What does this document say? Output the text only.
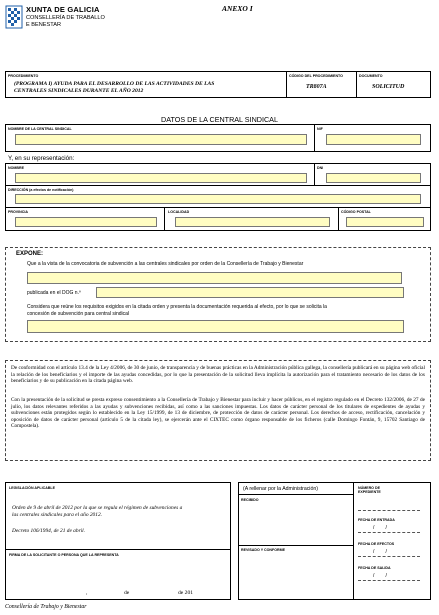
XUNTA DE GALICIA
CONSELLERÍA DE TRABALLO
E BENESTAR
ANEXO I
PROCEDIMIENTO
(PROGRAMA I) AYUDA PARA EL DESARROLLO DE LAS ACTIVIDADES DE LAS
CENTRALES SINDICALES DURANTE EL AÑO 2012
CÓDIGO DEL PROCEDIMIENTO
TR807A
DOCUMENTO
SOLICITUD
DATOS DE LA CENTRAL SINDICAL
NOMBRE DE LA CENTRAL SINDICAL	NIF
Y, en su representación:
NOMBRE	DNI
DIRECCIÓN (a efectos de notificación)
PROVINCIA	LOCALIDAD	CÓDIGO POSTAL
EXPONE:
Que a la vista de la convocatoria de subvención a las centrales sindicales por orden de la Consellería de Trabajo y Bienestar
publicada en el DOG n.º
Considera que reúne los requisitos exigidos en la citada orden y presenta la documentación requerida al efecto, por lo que se solicita la
concesión de subvención para central sindical
De conformidad con el artículo 13.4 de la Ley 4/2006, de 30 de junio, de transparencia y de buenas prácticas en la Administración pública gallega, la consellería publicará en su página web oficial la relación de los beneficiarios y el importe de las ayudas concedidas, por lo que la presentación de la solicitud lleva implícita la autorización para el tratamiento necesario de los datos de los beneficiarios y de su publicación en la citada página web.
Con la presentación de la solicitud se presta expreso consentimiento a la Consellería de Trabajo y Bienestar para incluir y hacer públicos, en el registro regulado en el Decreto 132/2006, de 27 de julio, los datos relevantes referidos a las ayudas y subvenciones recibidas, así como a las sanciones impuestas. Los datos de carácter personal de los titulares de expedientes de ayudas y subvenciones están protegidos según lo establecido en la Ley 15/1999, de 13 de diciembre, de protección de datos de carácter personal. Los derechos de acceso, rectificación, cancelación y oposición de datos de carácter personal (artículo 5 de la citada ley), se ejercerán ante el CIXTEC como órgano responsable de los ficheros (calle Domingo Fontán, 9, 15702 Santiago de Compostela).
LEGISLACIÓN APLICABLE
Orden de 9 de abril de 2012 por la que se regula el régimen de subvenciones a
las centrales sindicales para el año 2012.
Decreto 106/1994, de 21 de abril.
FIRMA DE LA SOLICITANTE O PERSONA QUE LA REPRESENTA
,	de	de 201
(A rellenar por la Administración)
RECIBIDO
REVISADO Y CONFORME
NÚMERO DE EXPEDIENTE
FECHA DE ENTRADA
/        /
FECHA DE EFECTOS
/        /
FECHA DE SALIDA
/        /
Consellería de Trabajo y Bienestar
